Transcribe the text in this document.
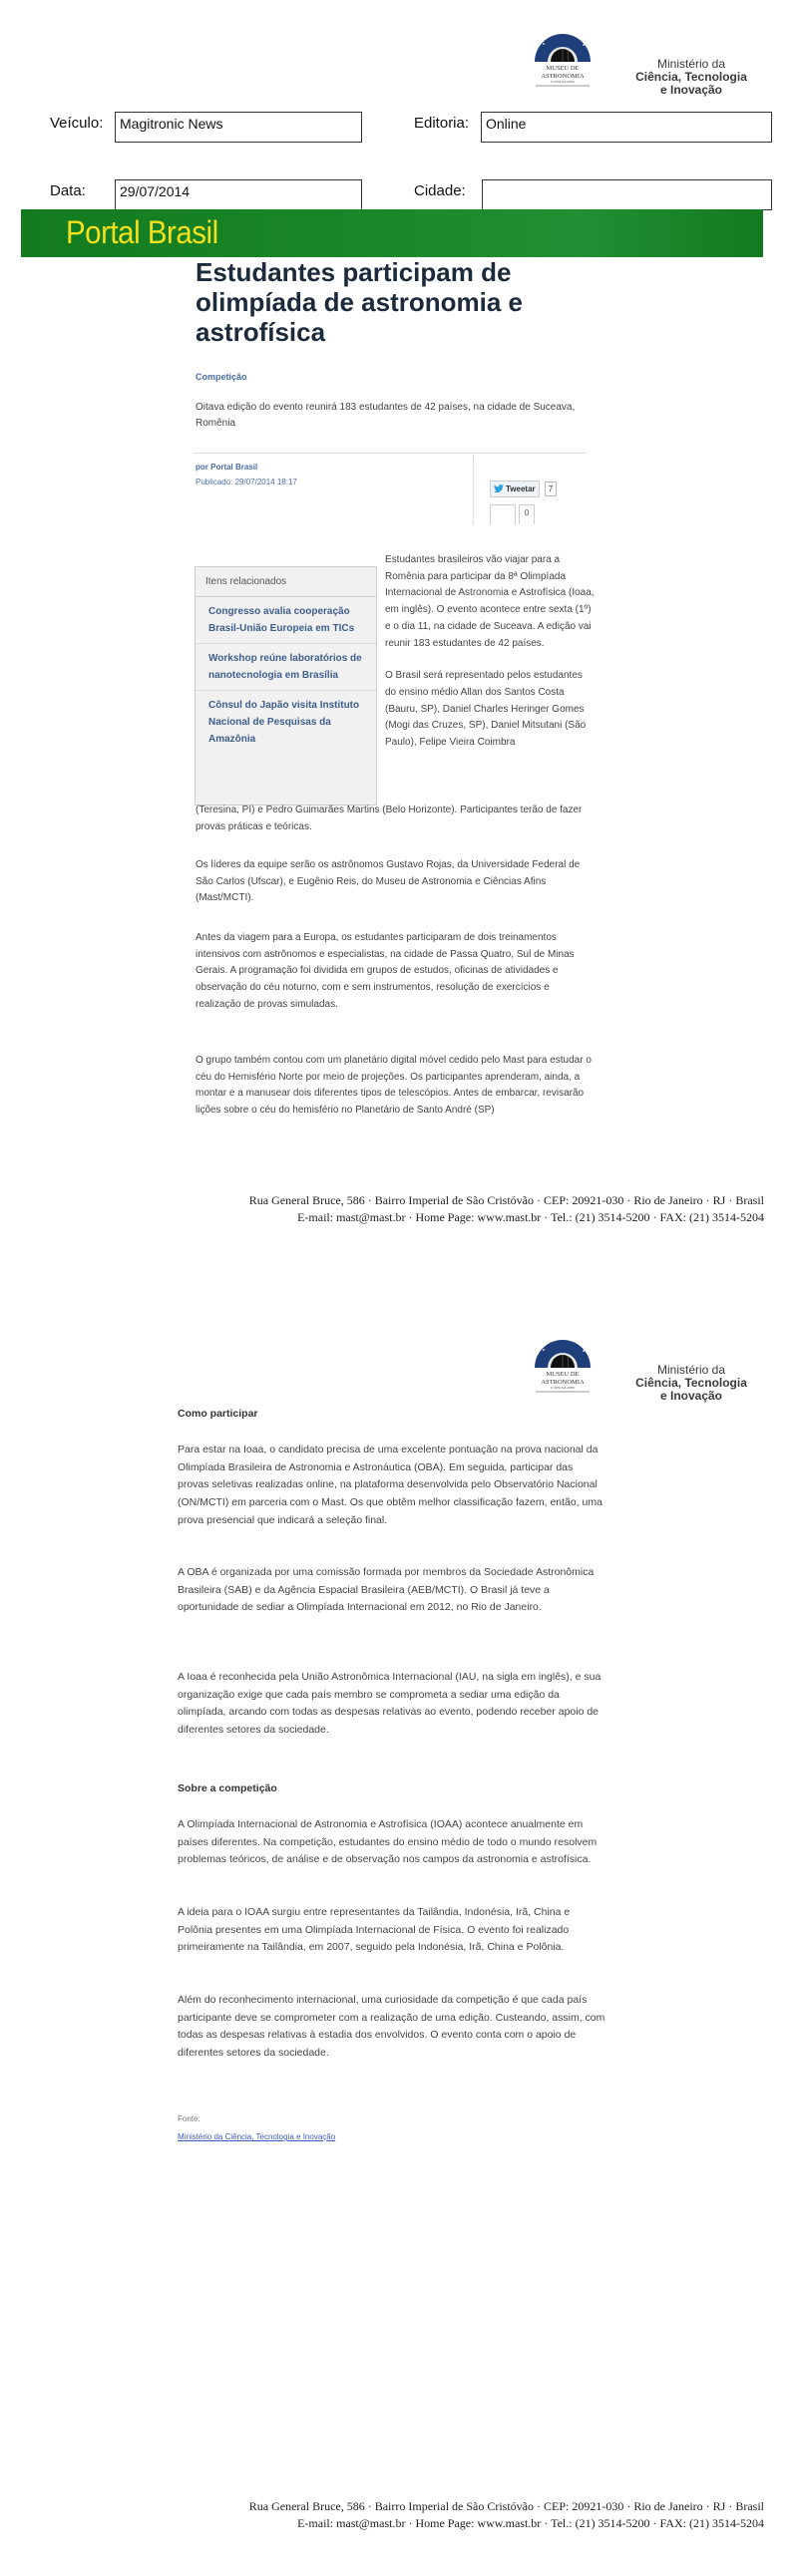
MUSEU DE
ASTRONOMIA
E CIÊNCIAS AFINS
Ministério da
Ciência, Tecnologia
e Inovação
Veículo:	Magitronic News	Editoria:	Online
Data:	29/07/2014	Cidade:
Portal Brasil
Estudantes participam de olimpíada de astronomia e astrofísica
Competição
Oitava edição do evento reunirá 183 estudantes de 42 países, na cidade de Suceava, Romênia
por Portal Brasil
Publicado: 29/07/2014 18:17
Tweetar	7
0
Itens relacionados
Congresso avalia cooperação Brasil-União Europeia em TICs
Workshop reúne laboratórios de nanotecnologia em Brasília
Cônsul do Japão visita Instituto Nacional de Pesquisas da Amazônia

Estudantes brasileiros vão viajar para a Romênia para participar da 8ª Olimpíada Internacional de Astronomia e Astrofísica (Ioaa, em inglês). O evento acontece entre sexta (1º) e o dia 11, na cidade de Suceava. A edição vai reunir 183 estudantes de 42 países.

O Brasil será representado pelos estudantes do ensino médio Allan dos Santos Costa (Bauru, SP), Daniel Charles Heringer Gomes (Mogi das Cruzes, SP), Daniel Mitsutani (São Paulo), Felipe Vieira Coimbra

(Teresina, PI) e Pedro Guimarães Martins (Belo Horizonte). Participantes terão de fazer provas práticas e teóricas.

Os líderes da equipe serão os astrônomos Gustavo Rojas, da Universidade Federal de São Carlos (Ufscar), e Eugênio Reis, do Museu de Astronomia e Ciências Afins (Mast/MCTI).

Antes da viagem para a Europa, os estudantes participaram de dois treinamentos intensivos com astrônomos e especialistas, na cidade de Passa Quatro, Sul de Minas Gerais. A programação foi dividida em grupos de estudos, oficinas de atividades e observação do céu noturno, com e sem instrumentos, resolução de exercícios e realização de provas simuladas.

O grupo também contou com um planetário digital móvel cedido pelo Mast para estudar o céu do Hemisfério Norte por meio de projeções. Os participantes aprenderam, ainda, a montar e a manusear dois diferentes tipos de telescópios. Antes de embarcar, revisarão lições sobre o céu do hemisfério no Planetário de Santo André (SP)

Rua General Bruce, 586 · Bairro Imperial de São Cristóvão · CEP: 20921-030 · Rio de Janeiro · RJ · Brasil
E-mail: mast@mast.br · Home Page: www.mast.br · Tel.: (21) 3514-5200 · FAX: (21) 3514-5204
MUSEU DE
ASTRONOMIA
E CIÊNCIAS AFINS
Ministério da
Ciência, Tecnologia
e Inovação
Como participar

Para estar na Ioaa, o candidato precisa de uma excelente pontuação na prova nacional da Olimpíada Brasileira de Astronomia e Astronáutica (OBA). Em seguida, participar das provas seletivas realizadas online, na plataforma desenvolvida pelo Observatório Nacional (ON/MCTI) em parceria com o Mast. Os que obtêm melhor classificação fazem, então, uma prova presencial que indicará a seleção final.

A OBA é organizada por uma comissão formada por membros da Sociedade Astronômica Brasileira (SAB) e da Agência Espacial Brasileira (AEB/MCTI). O Brasil já teve a oportunidade de sediar a Olimpíada Internacional em 2012, no Rio de Janeiro.

A Ioaa é reconhecida pela União Astronômica Internacional (IAU, na sigla em inglês), e sua organização exige que cada país membro se comprometa a sediar uma edição da olimpíada, arcando com todas as despesas relativas ao evento, podendo receber apoio de diferentes setores da sociedade.

Sobre a competição

A Olimpíada Internacional de Astronomia e Astrofísica (IOAA) acontece anualmente em países diferentes. Na competição, estudantes do ensino médio de todo o mundo resolvem problemas teóricos, de análise e de observação nos campos da astronomia e astrofísica.

A ideia para o IOAA surgiu entre representantes da Tailândia, Indonésia, Irã, China e Polônia presentes em uma Olimpíada Internacional de Física. O evento foi realizado primeiramente na Tailândia, em 2007, seguido pela Indonésia, Irã, China e Polônia.

Além do reconhecimento internacional, uma curiosidade da competição é que cada país participante deve se comprometer com a realização de uma edição. Custeando, assim, com todas as despesas relativas à estadia dos envolvidos. O evento conta com o apoio de diferentes setores da sociedade.

Fonte:
Ministério da Ciência, Tecnologia e Inovação
Rua General Bruce, 586 · Bairro Imperial de São Cristóvão · CEP: 20921-030 · Rio de Janeiro · RJ · Brasil
E-mail: mast@mast.br · Home Page: www.mast.br · Tel.: (21) 3514-5200 · FAX: (21) 3514-5204
